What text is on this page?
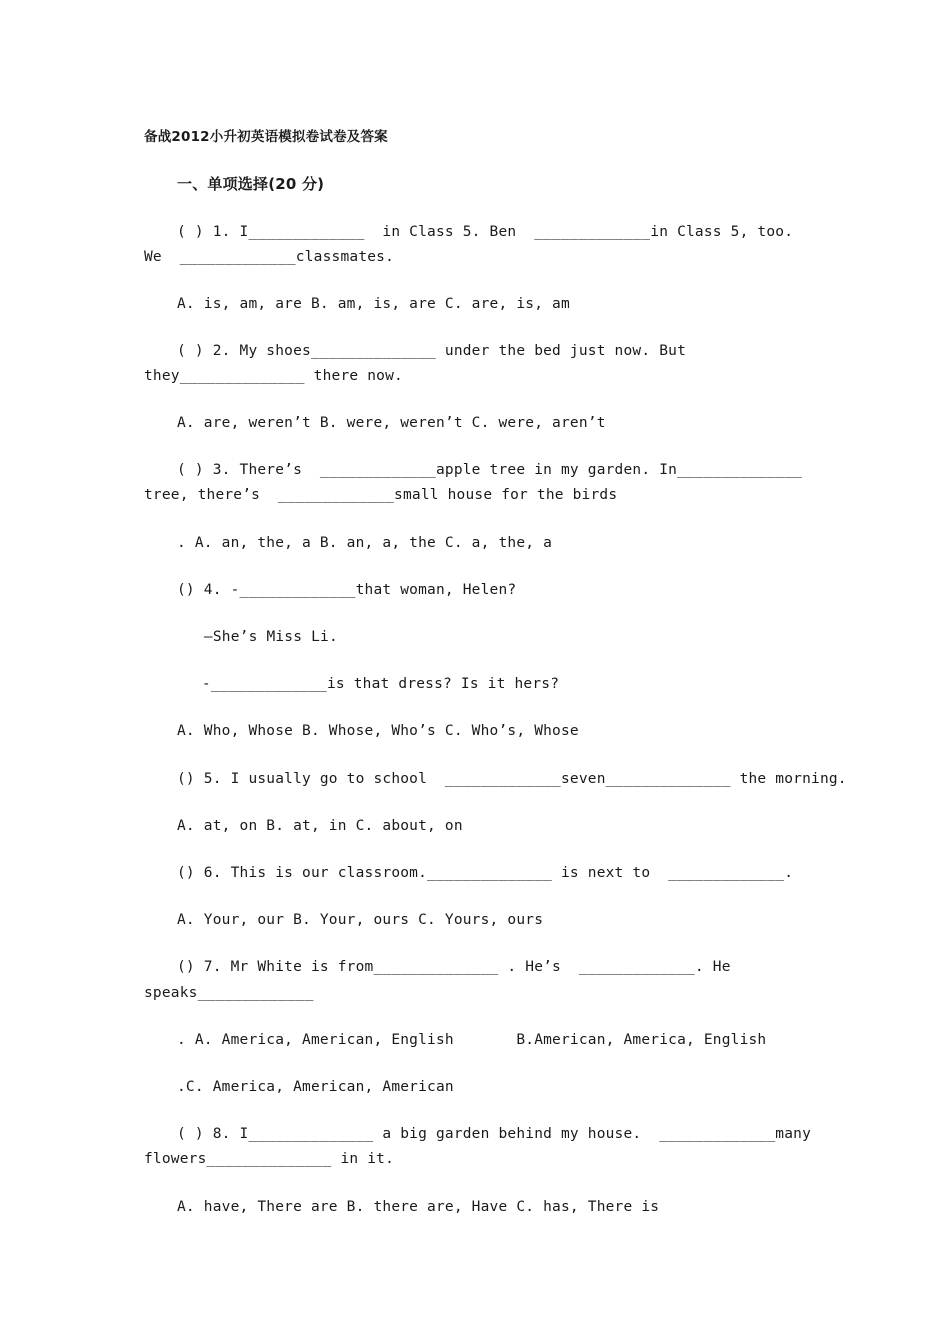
备战2012小升初英语模拟卷试卷及答案

一、单项选择(20 分)

( ) 1. I_____________  in Class 5. Ben  _____________in Class 5, too.

We  _____________classmates.

A. is, am, are B. am, is, are C. are, is, am

( ) 2. My shoes______________ under the bed just now. But

they______________ there now.

A. are, weren’t B. were, weren’t C. were, aren’t

( ) 3. There’s  _____________apple tree in my garden. In______________

tree, there’s  _____________small house for the birds

. A. an, the, a B. an, a, the C. a, the, a

() 4. -_____________that woman, Helen?

–She’s Miss Li.

-_____________is that dress? Is it hers?

A. Who, Whose B. Whose, Who’s C. Who’s, Whose

() 5. I usually go to school  _____________seven______________ the morning.

A. at, on B. at, in C. about, on

() 6. This is our classroom.______________ is next to  _____________.

A. Your, our B. Your, ours C. Yours, ours

() 7. Mr White is from______________ . He’s  _____________. He

speaks_____________

. A. America, American, English       B.American, America, English

.C. America, American, American

( ) 8. I______________ a big garden behind my house.  _____________many

flowers______________ in it.

A. have, There are B. there are, Have C. has, There is
